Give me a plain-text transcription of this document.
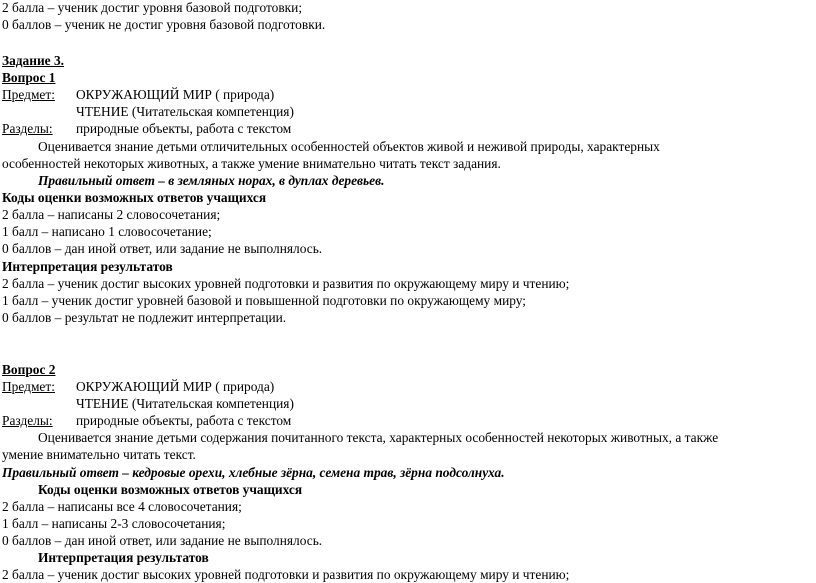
2 балла – ученик достиг уровня базовой подготовки;
0 баллов – ученик не достиг уровня базовой подготовки.
Задание 3.
Вопрос 1
Предмет: ОКРУЖАЮЩИЙ МИР ( природа)
ЧТЕНИЕ (Читательская компетенция)
Разделы: природные объекты, работа с текстом
Оценивается знание детьми отличительных особенностей объектов живой и неживой природы, характерных
особенностей некоторых животных, а также умение внимательно читать текст задания.
Правильный ответ – в земляных норах, в дуплах деревьев.
Коды оценки возможных ответов учащихся
2 балла – написаны 2 словосочетания;
1 балл – написано 1 словосочетание;
0 баллов – дан иной ответ, или задание не выполнялось.
Интерпретация результатов
2 балла – ученик достиг высоких уровней подготовки и развития по окружающему миру и чтению;
1 балл – ученик достиг уровней базовой и повышенной подготовки по окружающему миру;
0 баллов – результат не подлежит интерпретации.
Вопрос 2
Предмет: ОКРУЖАЮЩИЙ МИР ( природа)
ЧТЕНИЕ (Читательская компетенция)
Разделы: природные объекты, работа с текстом
Оценивается знание детьми содержания почитанного текста, характерных особенностей некоторых животных, а также
умение внимательно читать текст.
Правильный ответ – кедровые орехи, хлебные зёрна, семена трав, зёрна подсолнуха.
Коды оценки возможных ответов учащихся
2 балла – написаны все 4 словосочетания;
1 балл – написаны 2-3 словосочетания;
0 баллов – дан иной ответ, или задание не выполнялось.
Интерпретация результатов
2 балла – ученик достиг высоких уровней подготовки и развития по окружающему миру и чтению;
